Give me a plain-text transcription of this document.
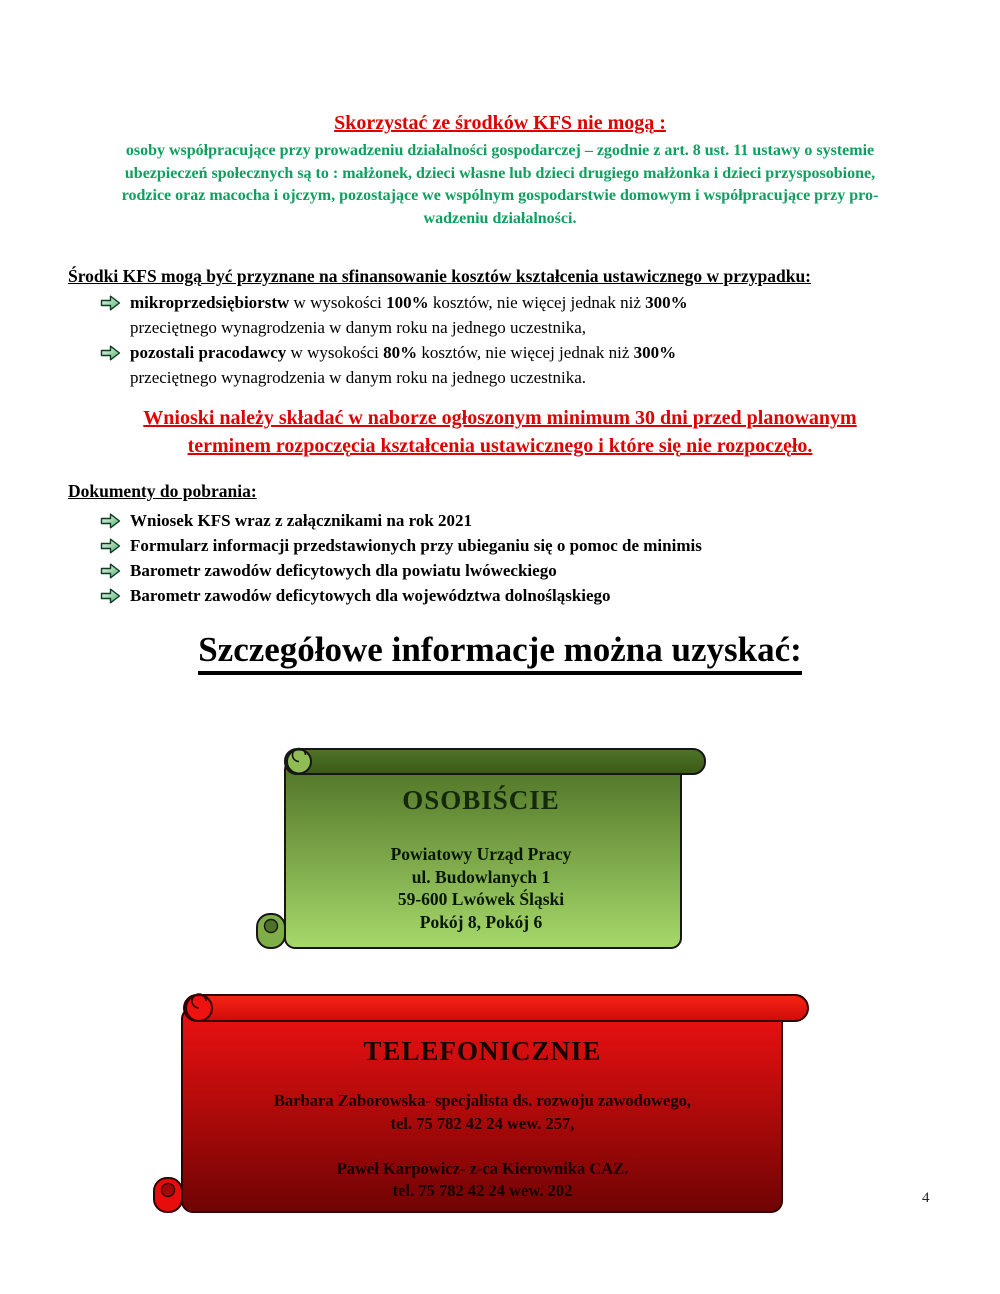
Skorzystać ze środków KFS nie mogą :
osoby współpracujące przy prowadzeniu działalności gospodarczej – zgodnie z art. 8 ust. 11 ustawy o systemie
ubezpieczeń społecznych są to : małżonek, dzieci własne lub dzieci drugiego małżonka i dzieci przysposobione,
rodzice oraz macocha i ojczym, pozostające we wspólnym gospodarstwie domowym i współpracujące przy pro-
wadzeniu działalności.
Środki KFS mogą być przyznane na sfinansowanie kosztów kształcenia ustawicznego w przypadku:
mikroprzedsiębiorstw w wysokości 100% kosztów, nie więcej jednak niż 300%
przeciętnego wynagrodzenia w danym roku na jednego uczestnika,
pozostali pracodawcy w wysokości 80% kosztów, nie więcej jednak niż 300%
przeciętnego wynagrodzenia w danym roku na jednego uczestnika.
Wnioski należy składać w naborze ogłoszonym minimum 30 dni przed planowanym
terminem rozpoczęcia kształcenia ustawicznego i które się nie rozpoczęło.
Dokumenty do pobrania:
Wniosek KFS wraz z załącznikami na rok 2021
Formularz informacji przedstawionych przy ubieganiu się o pomoc de minimis
Barometr zawodów deficytowych dla powiatu lwóweckiego
Barometr zawodów deficytowych dla województwa dolnośląskiego
Szczegółowe informacje można uzyskać:
OSOBIŚCIE
Powiatowy Urząd Pracy
ul. Budowlanych 1
59-600 Lwówek Śląski
Pokój 8, Pokój 6
TELEFONICZNIE
Barbara Zaborowska- specjalista ds. rozwoju zawodowego,
tel. 75 782 42 24 wew. 257,
Paweł Karpowicz- z-ca Kierownika CAZ.
tel. 75 782 42 24 wew. 202	4
